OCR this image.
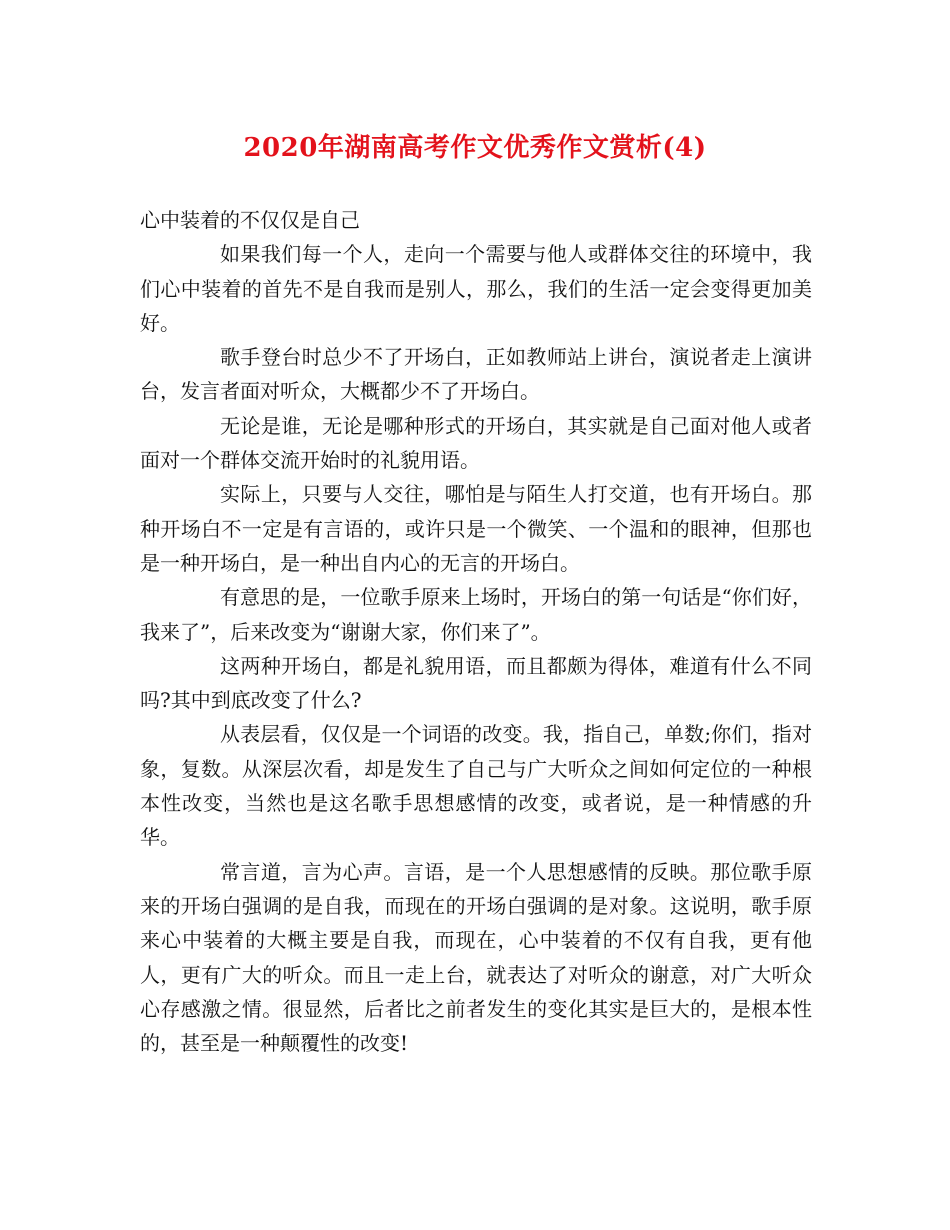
2020年湖南高考作文优秀作文赏析(4)

心中装着的不仅仅是自己

如果我们每一个人，走向一个需要与他人或群体交往的环境中，我们心中装着的首先不是自我而是别人，那么，我们的生活一定会变得更加美好。

歌手登台时总少不了开场白，正如教师站上讲台，演说者走上演讲台，发言者面对听众，大概都少不了开场白。

无论是谁，无论是哪种形式的开场白，其实就是自己面对他人或者面对一个群体交流开始时的礼貌用语。

实际上，只要与人交往，哪怕是与陌生人打交道，也有开场白。那种开场白不一定是有言语的，或许只是一个微笑、一个温和的眼神，但那也是一种开场白，是一种出自内心的无言的开场白。

有意思的是，一位歌手原来上场时，开场白的第一句话是“你们好，我来了”，后来改变为“谢谢大家，你们来了”。

这两种开场白，都是礼貌用语，而且都颇为得体，难道有什么不同吗?其中到底改变了什么?

从表层看，仅仅是一个词语的改变。我，指自己，单数;你们，指对象，复数。从深层次看，却是发生了自己与广大听众之间如何定位的一种根本性改变，当然也是这名歌手思想感情的改变，或者说，是一种情感的升华。

常言道，言为心声。言语，是一个人思想感情的反映。那位歌手原来的开场白强调的是自我，而现在的开场白强调的是对象。这说明，歌手原来心中装着的大概主要是自我，而现在，心中装着的不仅有自我，更有他人，更有广大的听众。而且一走上台，就表达了对听众的谢意，对广大听众心存感激之情。很显然，后者比之前者发生的变化其实是巨大的，是根本性的，甚至是一种颠覆性的改变!
